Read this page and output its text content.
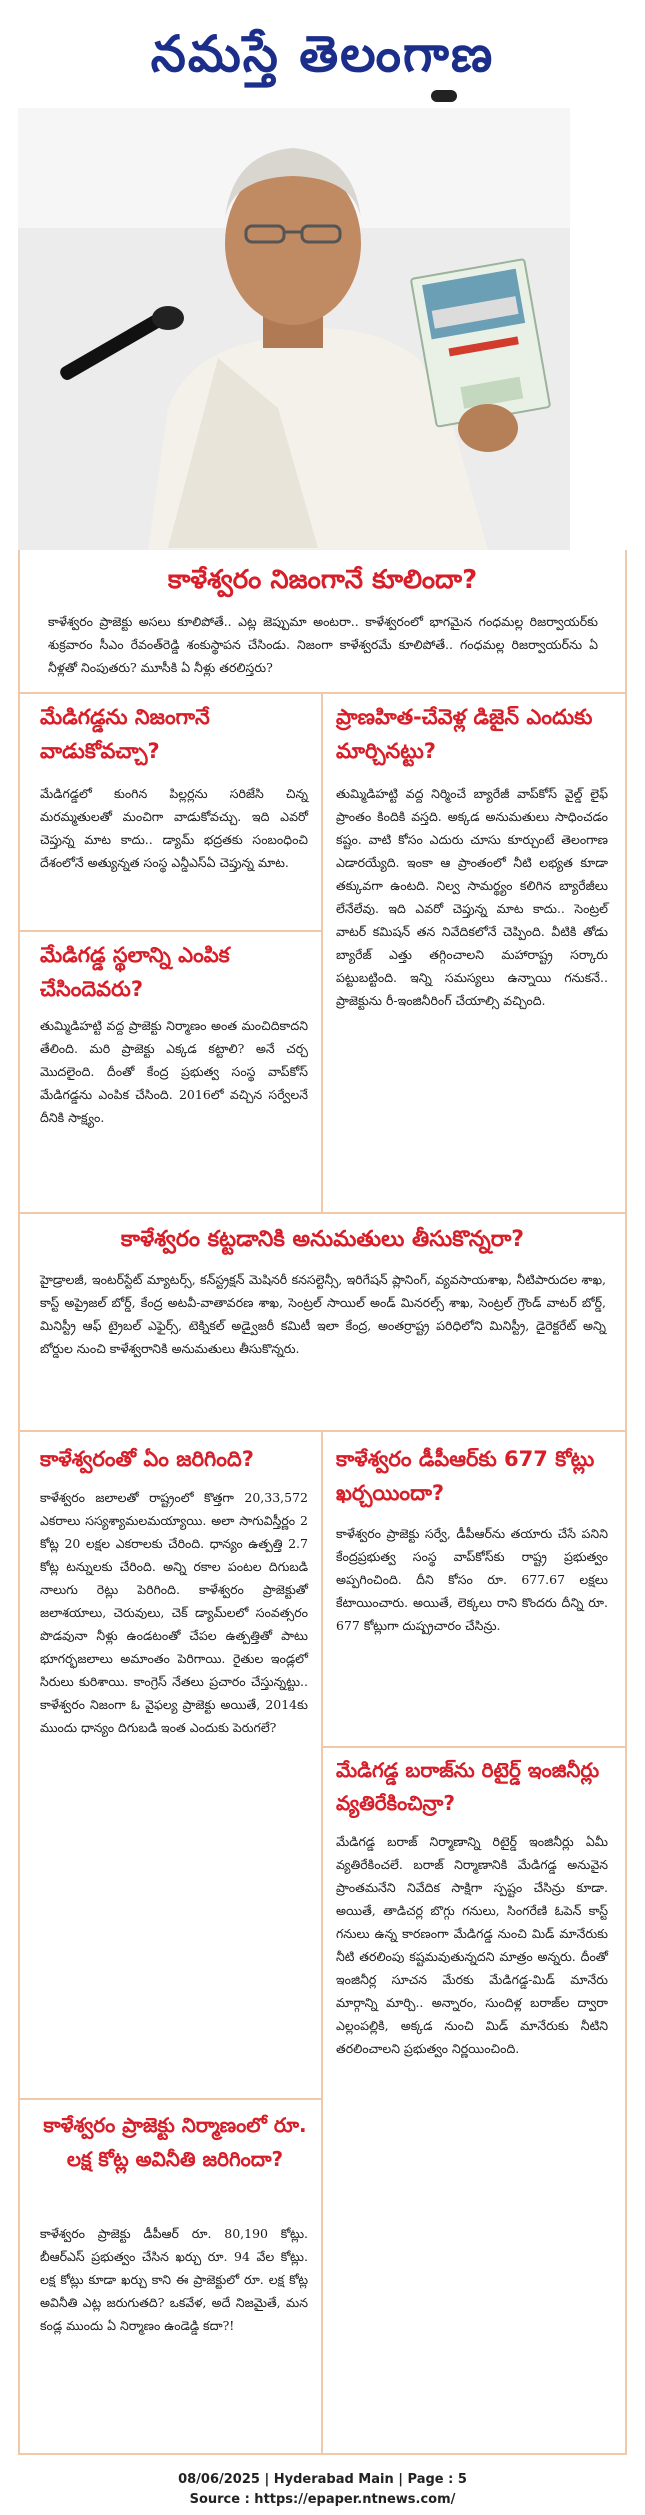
నమస్తే తెలంగాణ
కాళేశ్వరం నిజంగానే కూలిందా?
కాళేశ్వరం ప్రాజెక్టు అసలు కూలిపోతే.. ఎట్ల జెప్పుమా అంటరా.. కాళేశ్వరంలో భాగమైన గంధమల్ల రిజర్వాయర్‌కు శుక్రవారం సీఎం రేవంత్‌రెడ్డి శంకుస్థాపన చేసిండు. నిజంగా కాళేశ్వరమే కూలిపోతే.. గంధమల్ల రిజర్వాయర్‌ను ఏ నీళ్లతో నింపుతరు? మూసీకి ఏ నీళ్లు తరలిస్తరు?
మేడిగడ్డను నిజంగానే వాడుకోవచ్చా?
మేడిగడ్డలో కుంగిన పిల్లర్లను సరిజేసి చిన్న మరమ్మతులతో మంచిగా వాడుకోవచ్చు. ఇది ఎవరో చెప్తున్న మాట కాదు.. డ్యామ్ భద్రతకు సంబంధించి దేశంలోనే అత్యున్నత సంస్థ ఎన్డీఎస్‌ఏ చెప్తున్న మాట.
ప్రాణహిత-చేవెళ్ల డిజైన్ ఎందుకు మార్చినట్టు?
తుమ్మిడిహట్టి వద్ద నిర్మించే బ్యారేజీ వాప్‌కోస్ వైల్డ్ లైఫ్ ప్రాంతం కిందికి వస్తది. అక్కడ అనుమతులు సాధించడం కష్టం. వాటి కోసం ఎదురు చూసు కూర్చుంటే తెలంగాణ ఎడారయ్యేది. ఇంకా ఆ ప్రాంతంలో నీటి లభ్యత కూడా తక్కువగా ఉంటది. నిల్వ సామర్థ్యం కలిగిన బ్యారేజీలు లేనేలేవు. ఇది ఎవరో చెప్తున్న మాట కాదు.. సెంట్రల్ వాటర్ కమిషన్ తన నివేదికలోనే చెప్పింది. వీటికి తోడు బ్యారేజ్ ఎత్తు తగ్గించాలని మహారాష్ట్ర సర్కారు పట్టుబట్టింది. ఇన్ని సమస్యలు ఉన్నాయి గనుకనే.. ప్రాజెక్టును రీ-ఇంజినీరింగ్ చేయాల్సి వచ్చింది.
మేడిగడ్డ స్థలాన్ని ఎంపిక చేసిందెవరు?
తుమ్మిడిహట్టి వద్ద ప్రాజెక్టు నిర్మాణం అంత మంచిదికాదని తేలింది. మరి ప్రాజెక్టు ఎక్కడ కట్టాలి? అనే చర్చ మొదలైంది. దీంతో కేంద్ర ప్రభుత్వ సంస్థ వాప్‌కోస్ మేడిగడ్డను ఎంపిక చేసింది. 2016లో వచ్చిన సర్వేలనే దీనికి సాక్ష్యం.
కాళేశ్వరం కట్టడానికి అనుమతులు తీసుకొన్నరా?
హైడ్రాలజీ, ఇంటర్‌స్టేట్ మ్యాటర్స్, కన్‌స్ట్రక్షన్ మెషినరీ కనసల్టెన్సీ, ఇరిగేషన్ ప్లానింగ్, వ్యవసాయశాఖ, నీటిపారుదల శాఖ, కాస్ట్ అప్రైజల్ బోర్డ్, కేంద్ర అటవీ-వాతావరణ శాఖ, సెంట్రల్ సాయిల్ అండ్ మినరల్స్ శాఖ, సెంట్రల్ గ్రౌండ్ వాటర్ బోర్డ్, మినిస్ట్రీ ఆఫ్ ట్రైబల్ ఎఫైర్స్, టెక్నికల్ అడ్వైజరీ కమిటీ ఇలా కేంద్ర, అంతర్రాష్ట్ర పరిధిలోని మినిస్ట్రీ, డైరెక్టరేట్ అన్ని బోర్డుల నుంచి కాళేశ్వరానికి అనుమతులు తీసుకొన్నరు.
కాళేశ్వరంతో ఏం జరిగింది?
కాళేశ్వరం జలాలతో రాష్ట్రంలో కొత్తగా 20,33,572 ఎకరాలు సస్యశ్యామలమయ్యాయి. అలా సాగువిస్తీర్ణం 2 కోట్ల 20 లక్షల ఎకరాలకు చేరింది. ధాన్యం ఉత్పత్తి 2.7 కోట్ల టన్నులకు చేరింది. అన్ని రకాల పంటల దిగుబడి నాలుగు రెట్లు పెరిగింది. కాళేశ్వరం ప్రాజెక్టుతో జలాశయాలు, చెరువులు, చెక్ డ్యామ్‌లలో సంవత్సరం పొడవునా నీళ్లు ఉండటంతో చేపల ఉత్పత్తితో పాటు భూగర్భజలాలు అమాంతం పెరిగాయి. రైతుల ఇండ్లలో సిరులు కురిశాయి. కాంగ్రెస్ నేతలు ప్రచారం చేస్తున్నట్టు.. కాళేశ్వరం నిజంగా ఓ వైఫల్య ప్రాజెక్టు అయితే, 2014కు ముందు ధాన్యం దిగుబడి ఇంత ఎందుకు పెరుగలే?
కాళేశ్వరం డీపీఆర్‌కు 677 కోట్లు ఖర్చయిందా?
కాళేశ్వరం ప్రాజెక్టు సర్వే, డీపీఆర్‌ను తయారు చేసే పనిని కేంద్రప్రభుత్వ సంస్థ వాప్‌కోస్‌కు రాష్ట్ర ప్రభుత్వం అప్పగించింది. దీని కోసం రూ. 677.67 లక్షలు కేటాయించారు. అయితే, లెక్కలు రాని కొందరు దీన్ని రూ. 677 కోట్లుగా దుష్ప్రచారం చేసిన్రు.
మేడిగడ్డ బరాజ్‌ను రిటైర్డ్ ఇంజినీర్లు వ్యతిరేకించిన్రా?
మేడిగడ్డ బరాజ్ నిర్మాణాన్ని రిటైర్డ్ ఇంజినీర్లు ఏమీ వ్యతిరేకించలే. బరాజ్ నిర్మాణానికి మేడిగడ్డ అనువైన ప్రాంతమనేని నివేదిక సాక్షిగా స్పష్టం చేసిన్రు కూడా. అయితే, తాడిచర్ల బొగ్గు గనులు, సింగరేణి ఓపెన్ కాస్ట్ గనులు ఉన్న కారణంగా మేడిగడ్డ నుంచి మిడ్ మానేరుకు నీటి తరలింపు కష్టమవుతున్నదని మాత్రం అన్నరు. దీంతో ఇంజినీర్ల సూచన మేరకు మేడిగడ్డ-మిడ్ మానేరు మార్గాన్ని మార్చి.. అన్నారం, సుందిళ్ల బరాజ్‌ల ద్వారా ఎల్లంపల్లికి, అక్కడ నుంచి మిడ్ మానేరుకు నీటిని తరలించాలని ప్రభుత్వం నిర్ణయించింది.
కాళేశ్వరం ప్రాజెక్టు నిర్మాణంలో రూ. లక్ష కోట్ల అవినీతి జరిగిందా?
కాళేశ్వరం ప్రాజెక్టు డీపీఆర్ రూ. 80,190 కోట్లు. బీఆర్‌ఎస్ ప్రభుత్వం చేసిన ఖర్చు రూ. 94 వేల కోట్లు. లక్ష కోట్లు కూడా ఖర్చు కాని ఈ ప్రాజెక్టులో రూ. లక్ష కోట్ల అవినీతి ఎట్ల జరుగుతది? ఒకవేళ, అదే నిజమైతే, మన కండ్ల ముందు ఏ నిర్మాణం ఉండెడ్డి కదా?!
08/06/2025 | Hyderabad Main | Page : 5
Source : https://epaper.ntnews.com/
